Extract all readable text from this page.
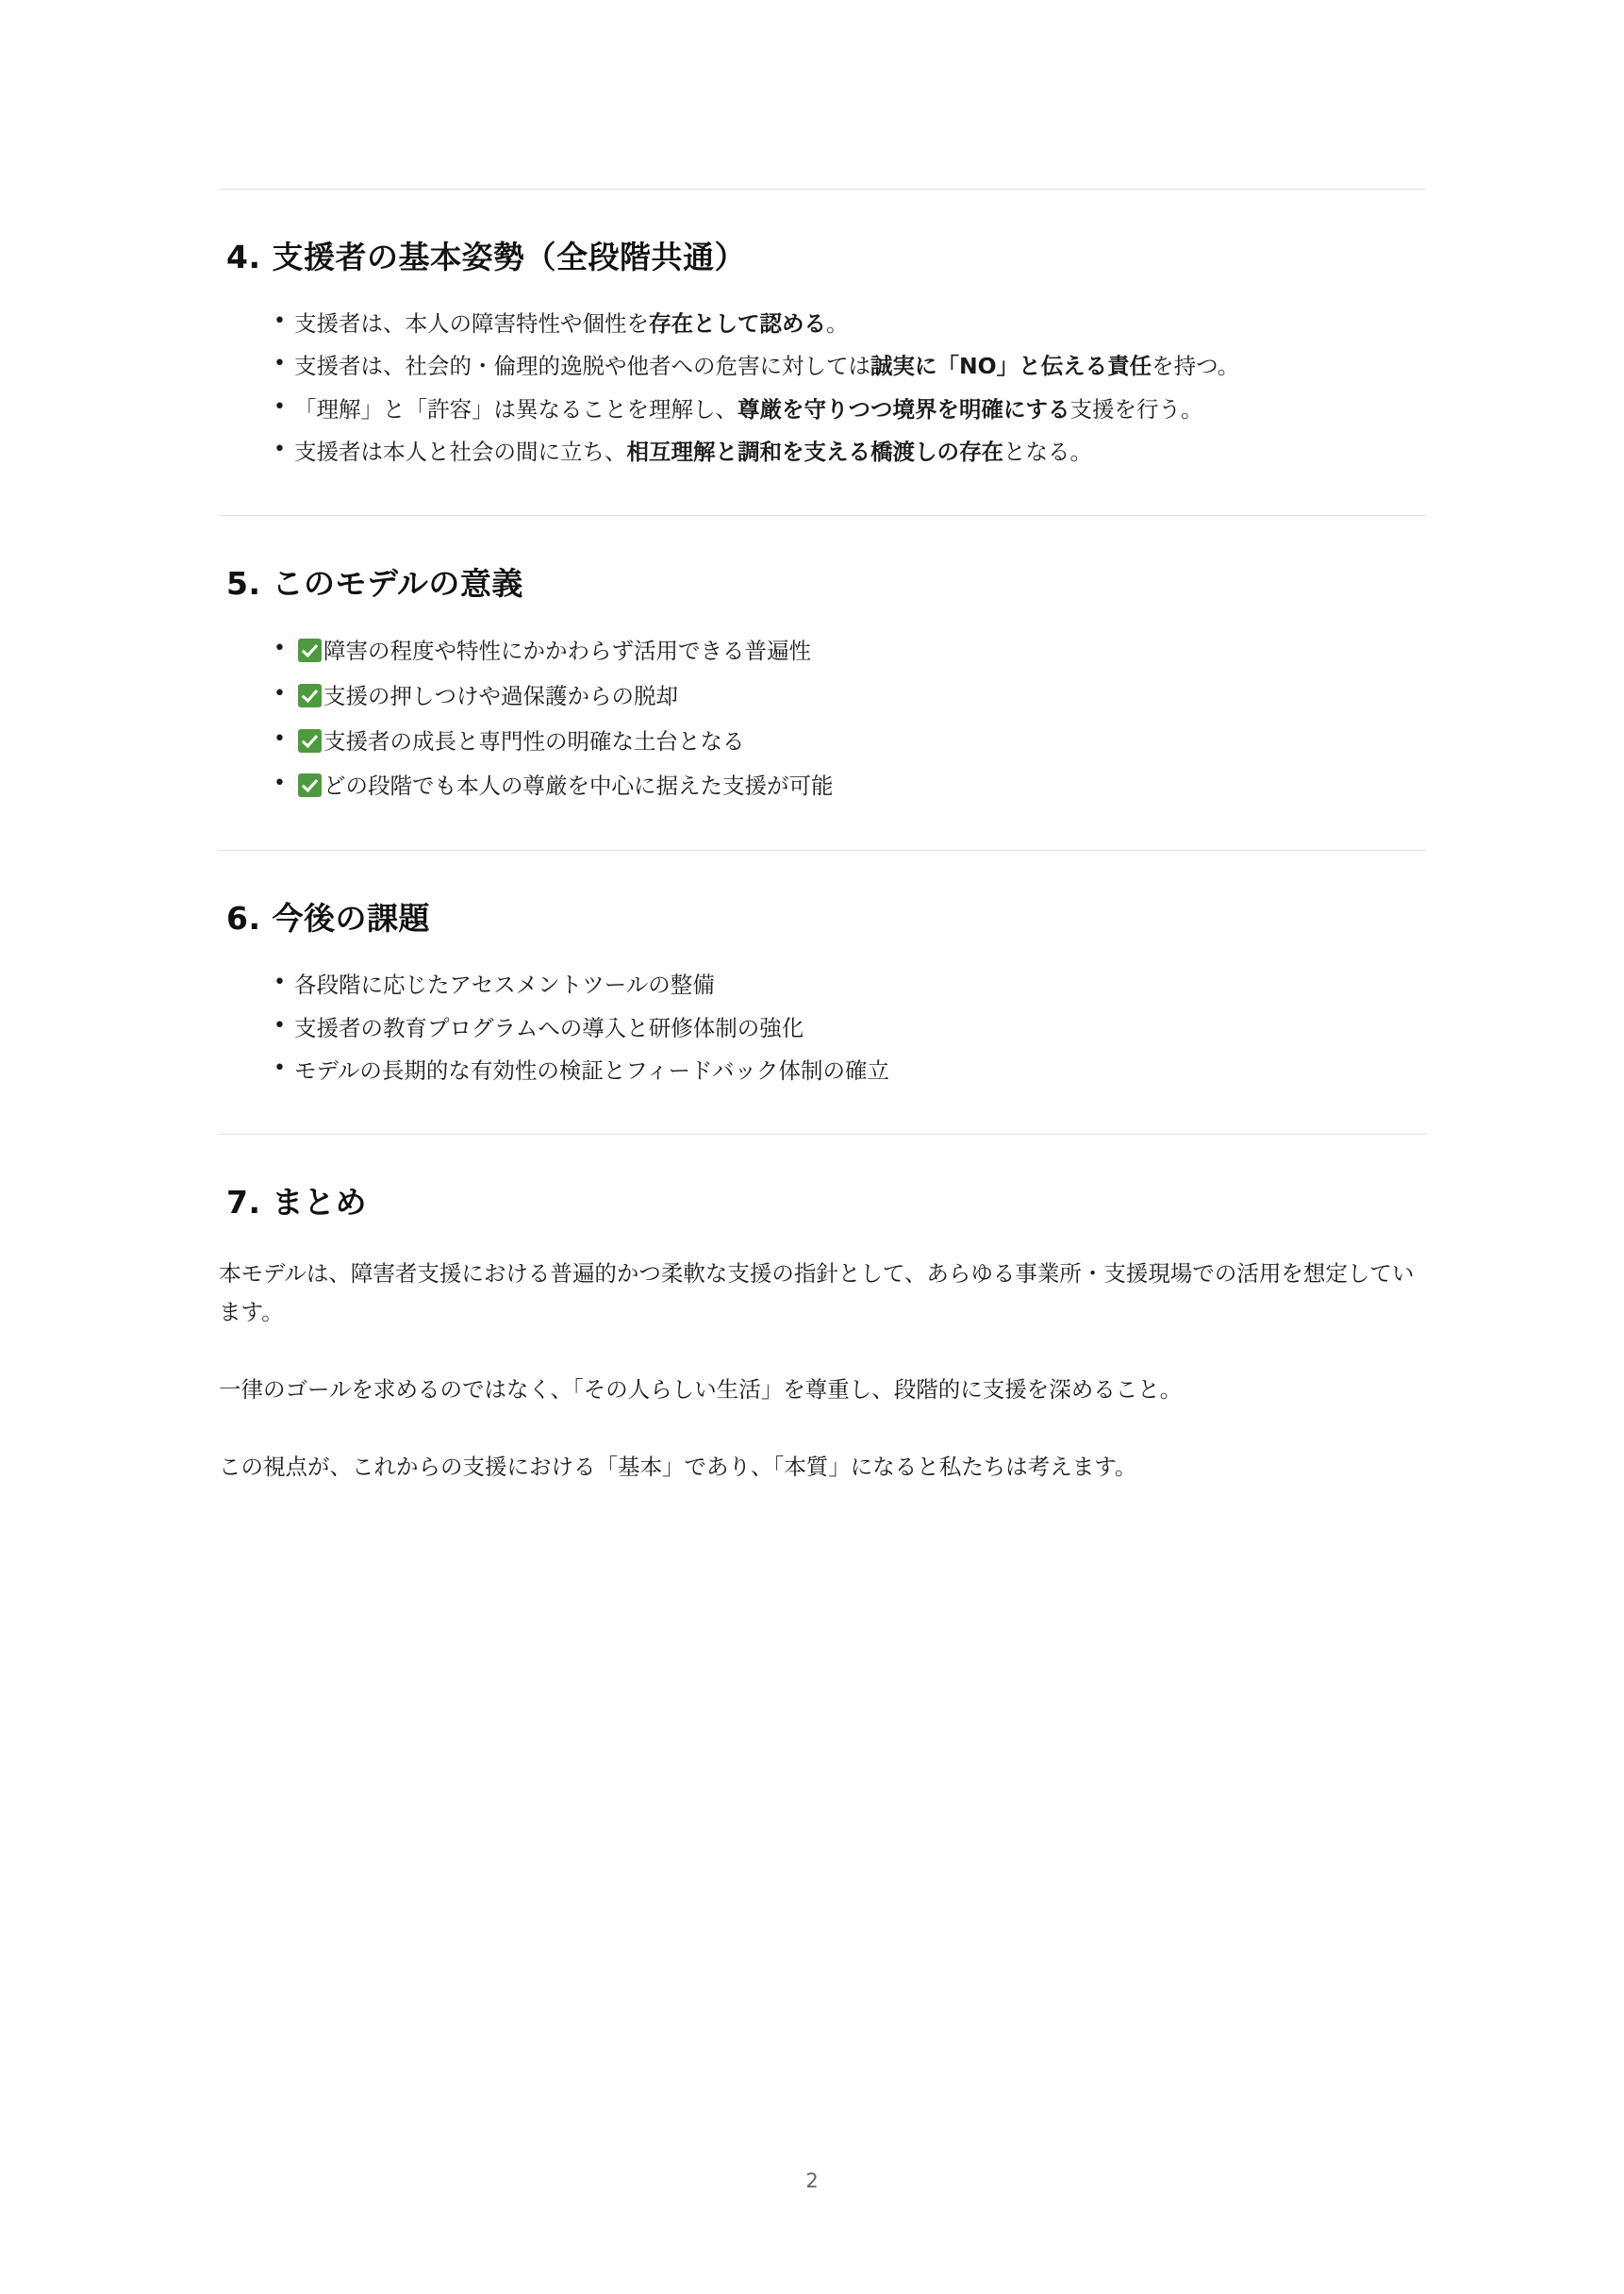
4. 支援者の基本姿勢（全段階共通）
• 支援者は、本人の障害特性や個性を存在として認める。
• 支援者は、社会的・倫理的逸脱や他者への危害に対しては誠実に「NO」と伝える責任を持つ。
• 「理解」と「許容」は異なることを理解し、尊厳を守りつつ境界を明確にする支援を行う。
• 支援者は本人と社会の間に立ち、相互理解と調和を支える橋渡しの存在となる。
5. このモデルの意義
• 障害の程度や特性にかかわらず活用できる普遍性
• 支援の押しつけや過保護からの脱却
• 支援者の成長と専門性の明確な土台となる
• どの段階でも本人の尊厳を中心に据えた支援が可能
6. 今後の課題
• 各段階に応じたアセスメントツールの整備
• 支援者の教育プログラムへの導入と研修体制の強化
• モデルの長期的な有効性の検証とフィードバック体制の確立
7. まとめ

本モデルは、障害者支援における普遍的かつ柔軟な支援の指針として、あらゆる事業所・支援現場での活用を想定しています。

一律のゴールを求めるのではなく、「その人らしい生活」を尊重し、段階的に支援を深めること。

この視点が、これからの支援における「基本」であり、「本質」になると私たちは考えます。

2
